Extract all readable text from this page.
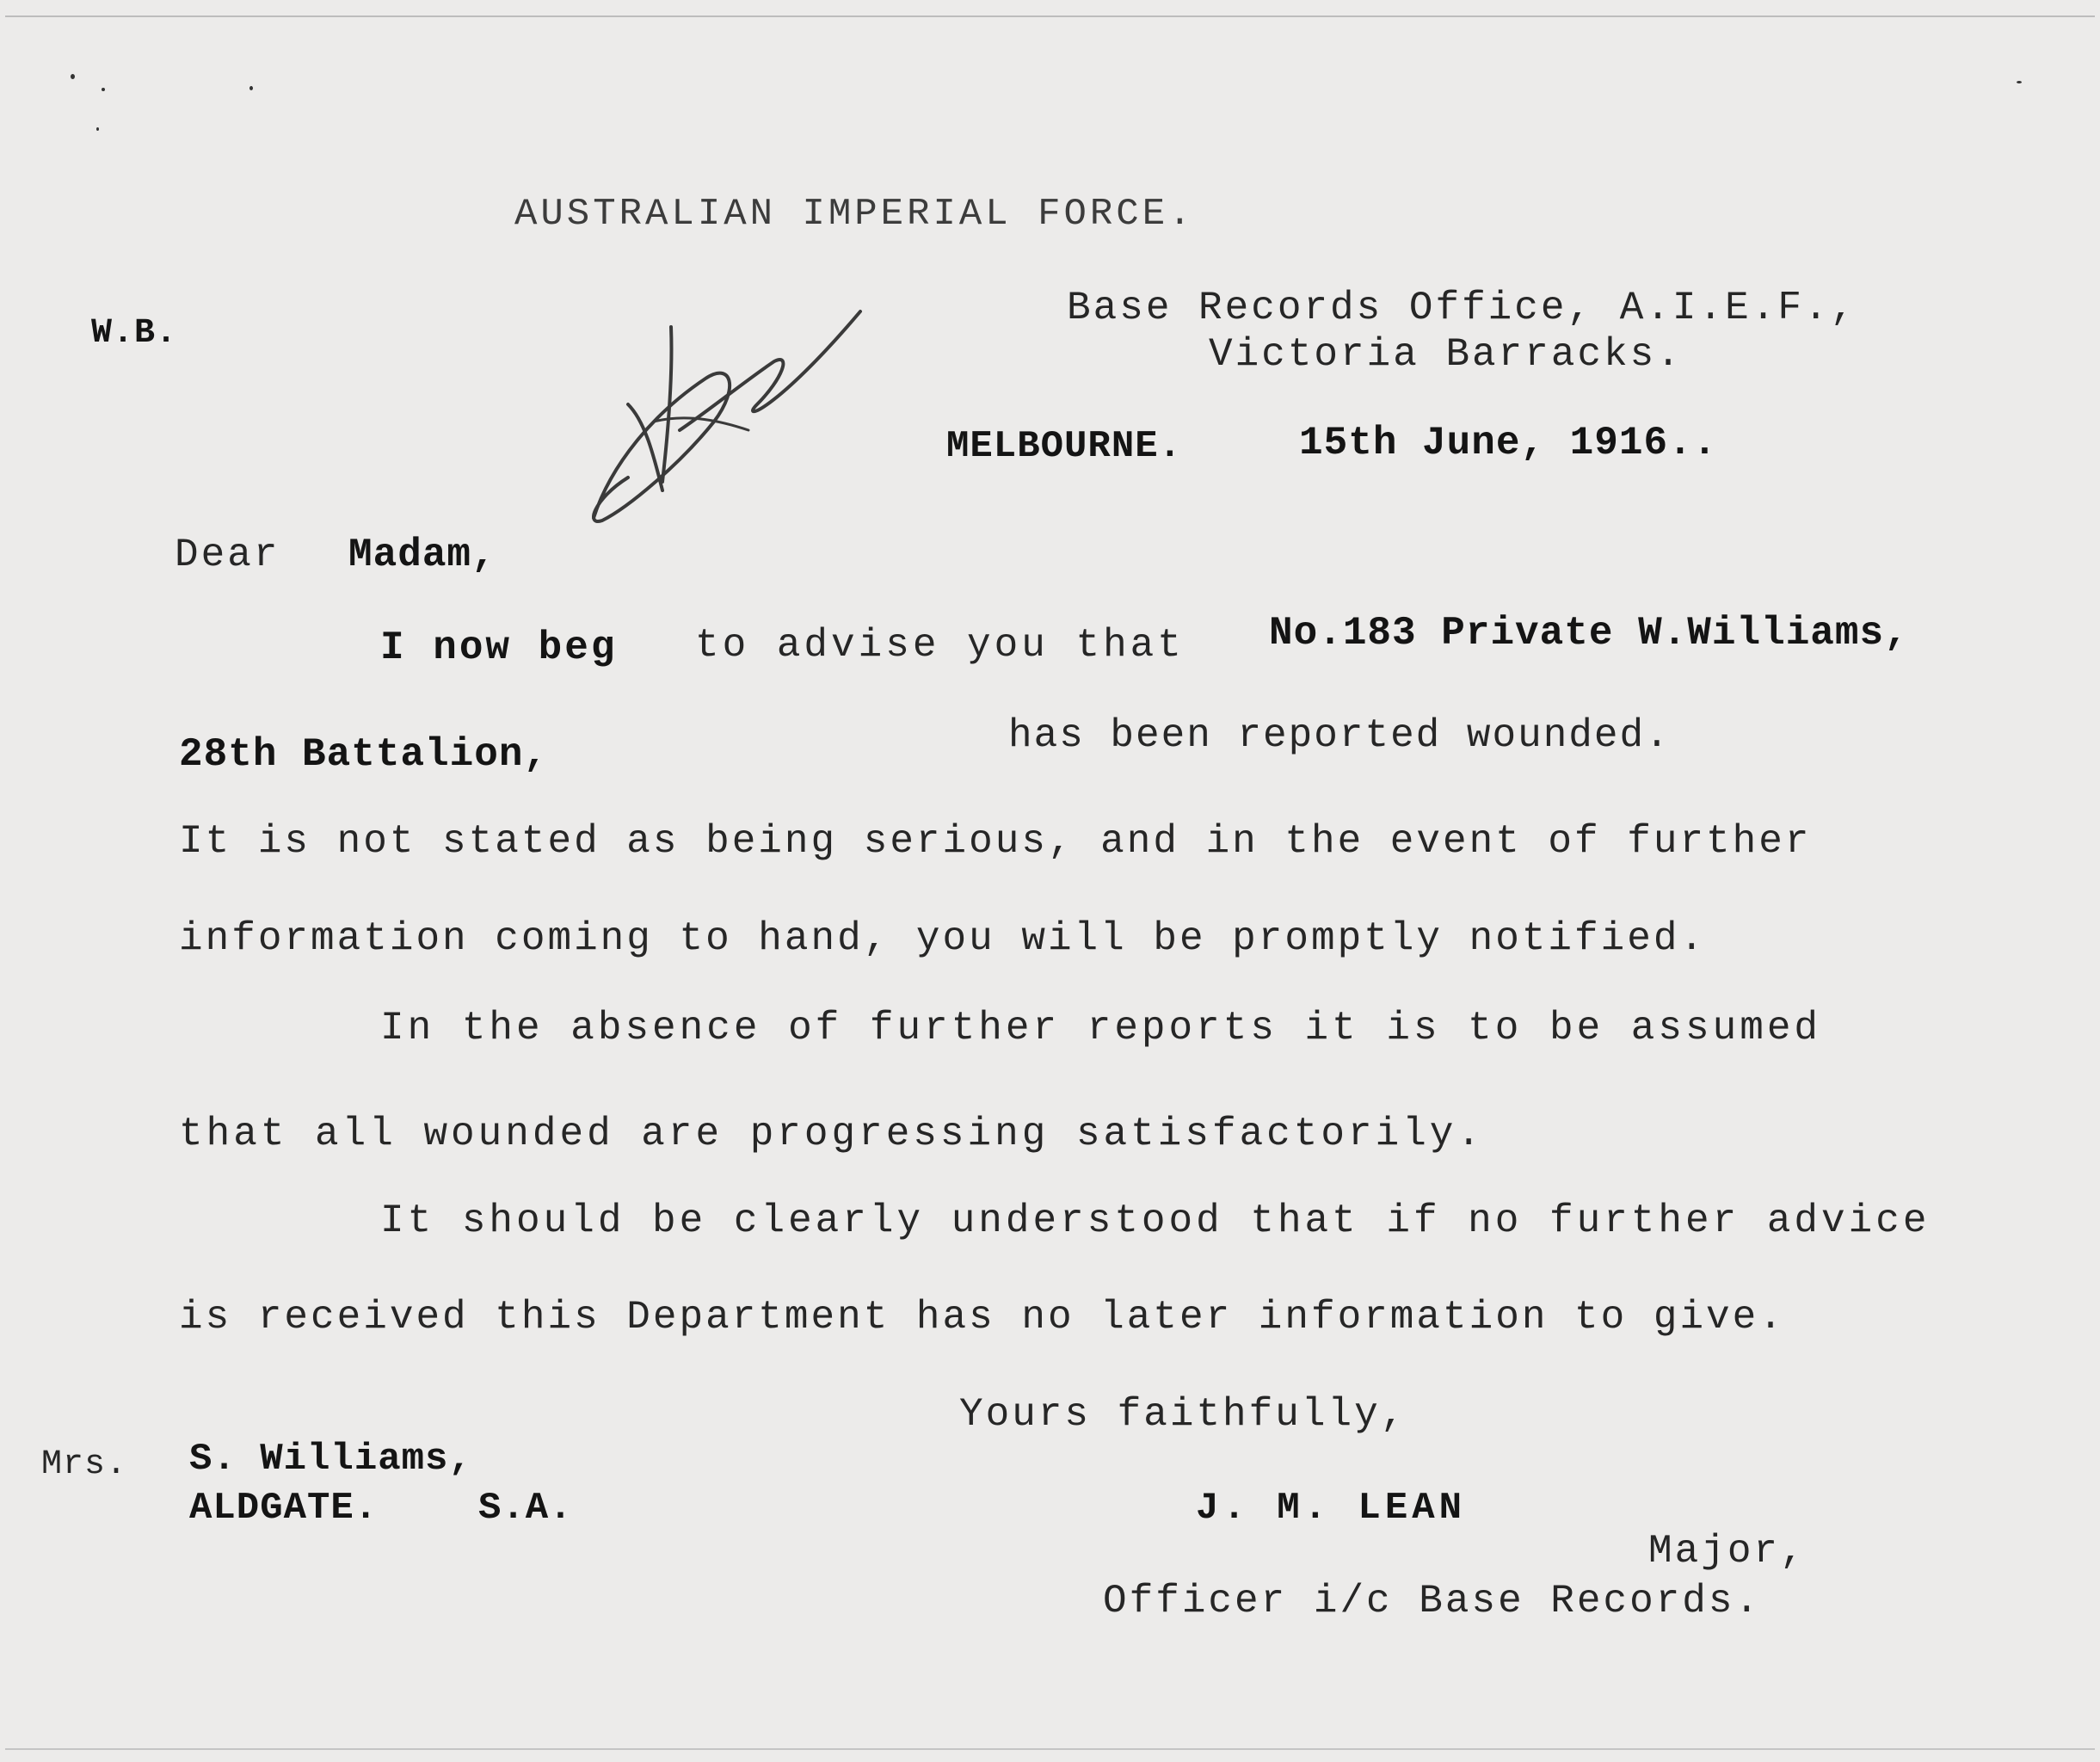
AUSTRALIAN IMPERIAL FORCE.
W.B.
Base Records Office, A.I.E.F.,
Victoria Barracks.
MELBOURNE.	15th June, 1916..
Dear Madam,
I now beg to advise you that No.183 Private W.Williams,
28th Battalion,	has been reported wounded.
It is not stated as being serious, and in the event of further
information coming to hand, you will be promptly notified.
In the absence of further reports it is to be assumed
that all wounded are progressing satisfactorily.
It should be clearly understood that if no further advice
is received this Department has no later information to give.
Yours faithfully,
Mrs. S. Williams,
ALDGATE.	S.A.	J. M. LEAN
Major,
Officer i/c Base Records.
